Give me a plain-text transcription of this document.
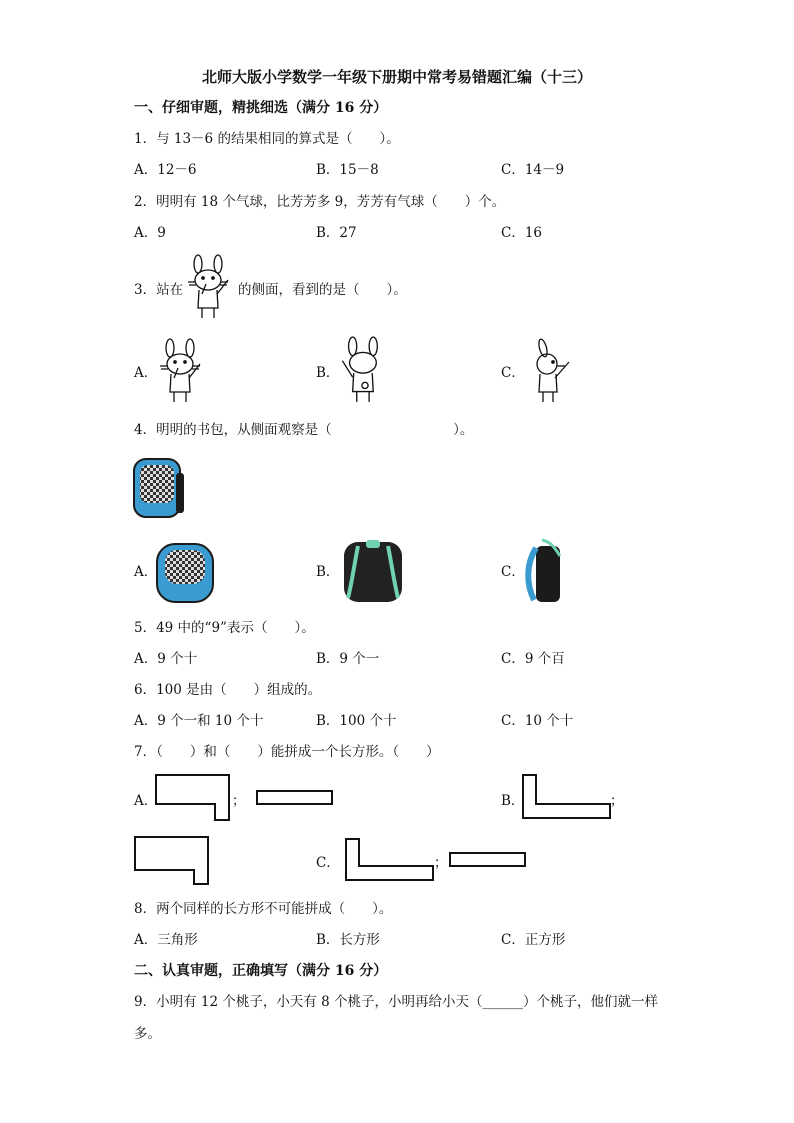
北师大版小学数学一年级下册期中常考易错题汇编（十三）
一、仔细审题，精挑细选（满分 16 分）
1．与 13－6 的结果相同的算式是（　　）。
A．12－6	B．15－8	C．14－9
2．明明有 18 个气球，比芳芳多 9，芳芳有气球（　　）个。
A．9	B．27	C．16
3．站在	的侧面，看到的是（　　）。
A．	B．	C．
4．明明的书包，从侧面观察是（　　　　　　　　　）。
A．	B．	C．
5．49 中的“9”表示（　　）。
A．9 个十	B．9 个一	C．9 个百
6．100 是由（　　）组成的。
A．9 个一和 10 个十	B．100 个十	C．10 个十
7．（　　）和（　　）能拼成一个长方形。（　　）
A．	；	B．	；
C．	；
8．两个同样的长方形不可能拼成（　　）。
A．三角形	B．长方形	C．正方形
二、认真审题，正确填写（满分 16 分）
9．小明有 12 个桃子，小天有 8 个桃子，小明再给小天（______）个桃子，他们就一样
多。
